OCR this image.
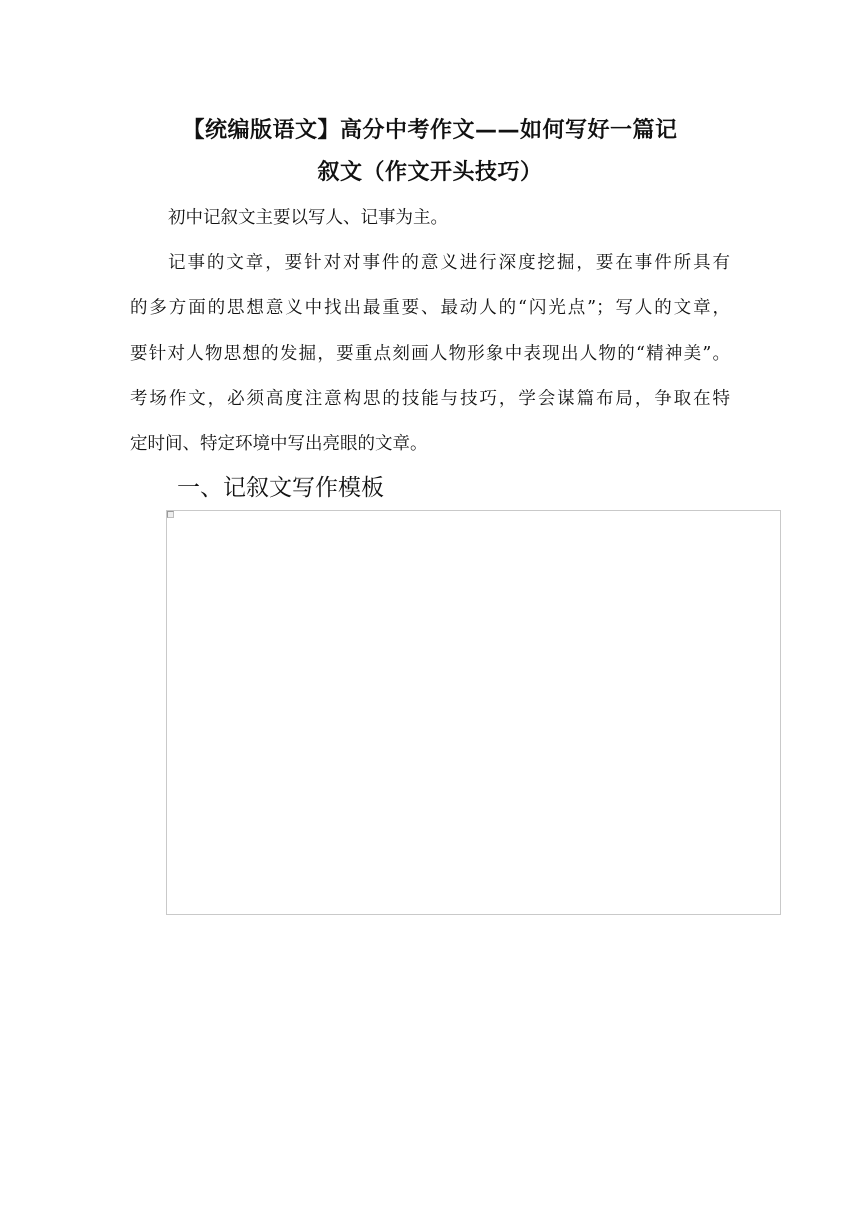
【统编版语文】高分中考作文——如何写好一篇记
叙文（作文开头技巧）
初中记叙文主要以写人、记事为主。
记事的文章，要针对对事件的意义进行深度挖掘，要在事件所具有
的多方面的思想意义中找出最重要、最动人的“闪光点”；写人的文章，
要针对人物思想的发掘，要重点刻画人物形象中表现出人物的“精神美”。
考场作文，必须高度注意构思的技能与技巧，学会谋篇布局，争取在特
定时间、特定环境中写出亮眼的文章。
一、记叙文写作模板
